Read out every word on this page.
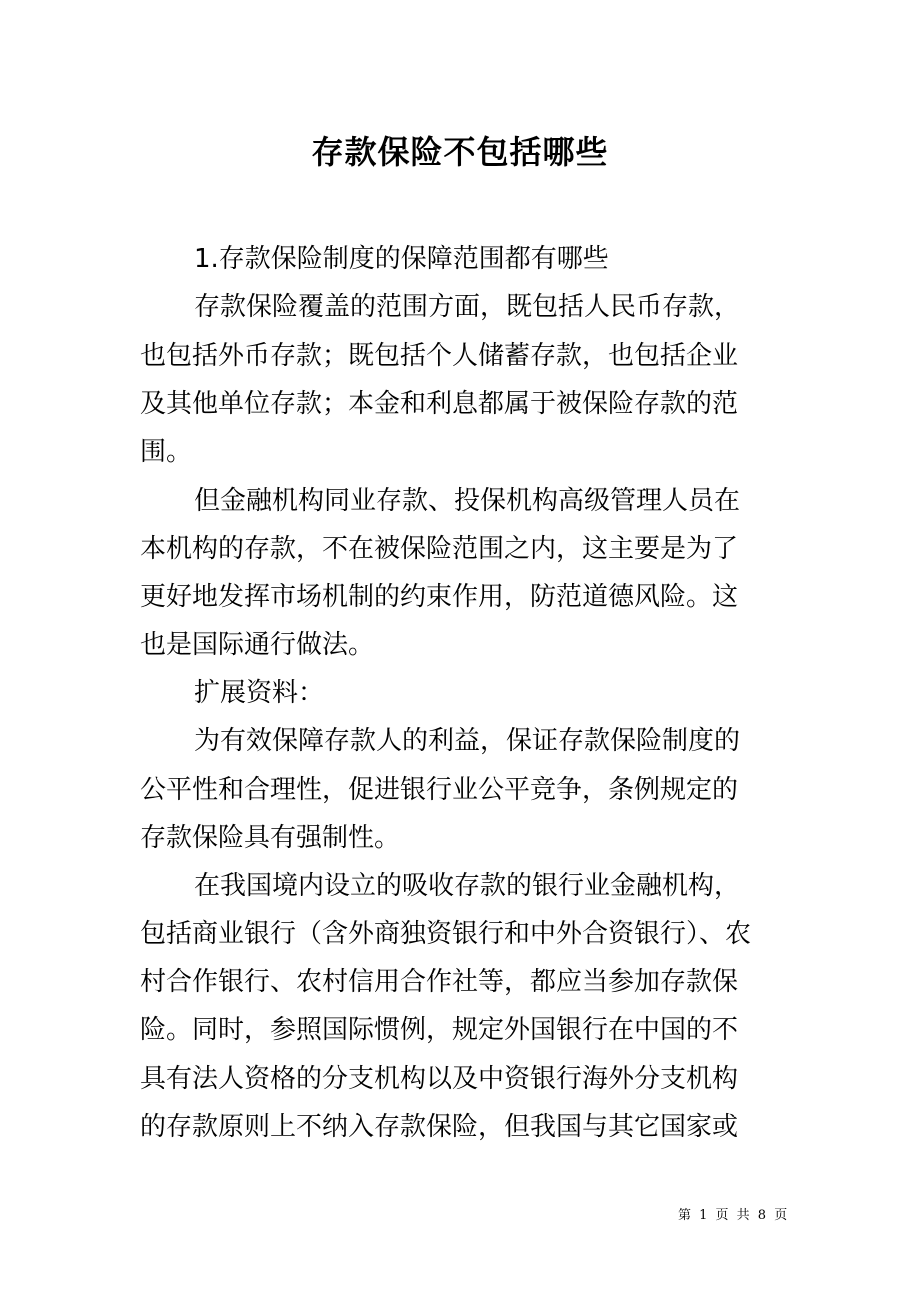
存款保险不包括哪些
1.存款保险制度的保障范围都有哪些
存款保险覆盖的范围方面，既包括人民币存款，
也包括外币存款；既包括个人储蓄存款，也包括企业
及其他单位存款；本金和利息都属于被保险存款的范
围。
但金融机构同业存款、投保机构高级管理人员在
本机构的存款，不在被保险范围之内，这主要是为了
更好地发挥市场机制的约束作用，防范道德风险。这
也是国际通行做法。
扩展资料：
为有效保障存款人的利益，保证存款保险制度的
公平性和合理性，促进银行业公平竞争，条例规定的
存款保险具有强制性。
在我国境内设立的吸收存款的银行业金融机构，
包括商业银行（含外商独资银行和中外合资银行）、农
村合作银行、农村信用合作社等，都应当参加存款保
险。同时，参照国际惯例，规定外国银行在中国的不
具有法人资格的分支机构以及中资银行海外分支机构
的存款原则上不纳入存款保险，但我国与其它国家或
第 1 页 共 8 页
